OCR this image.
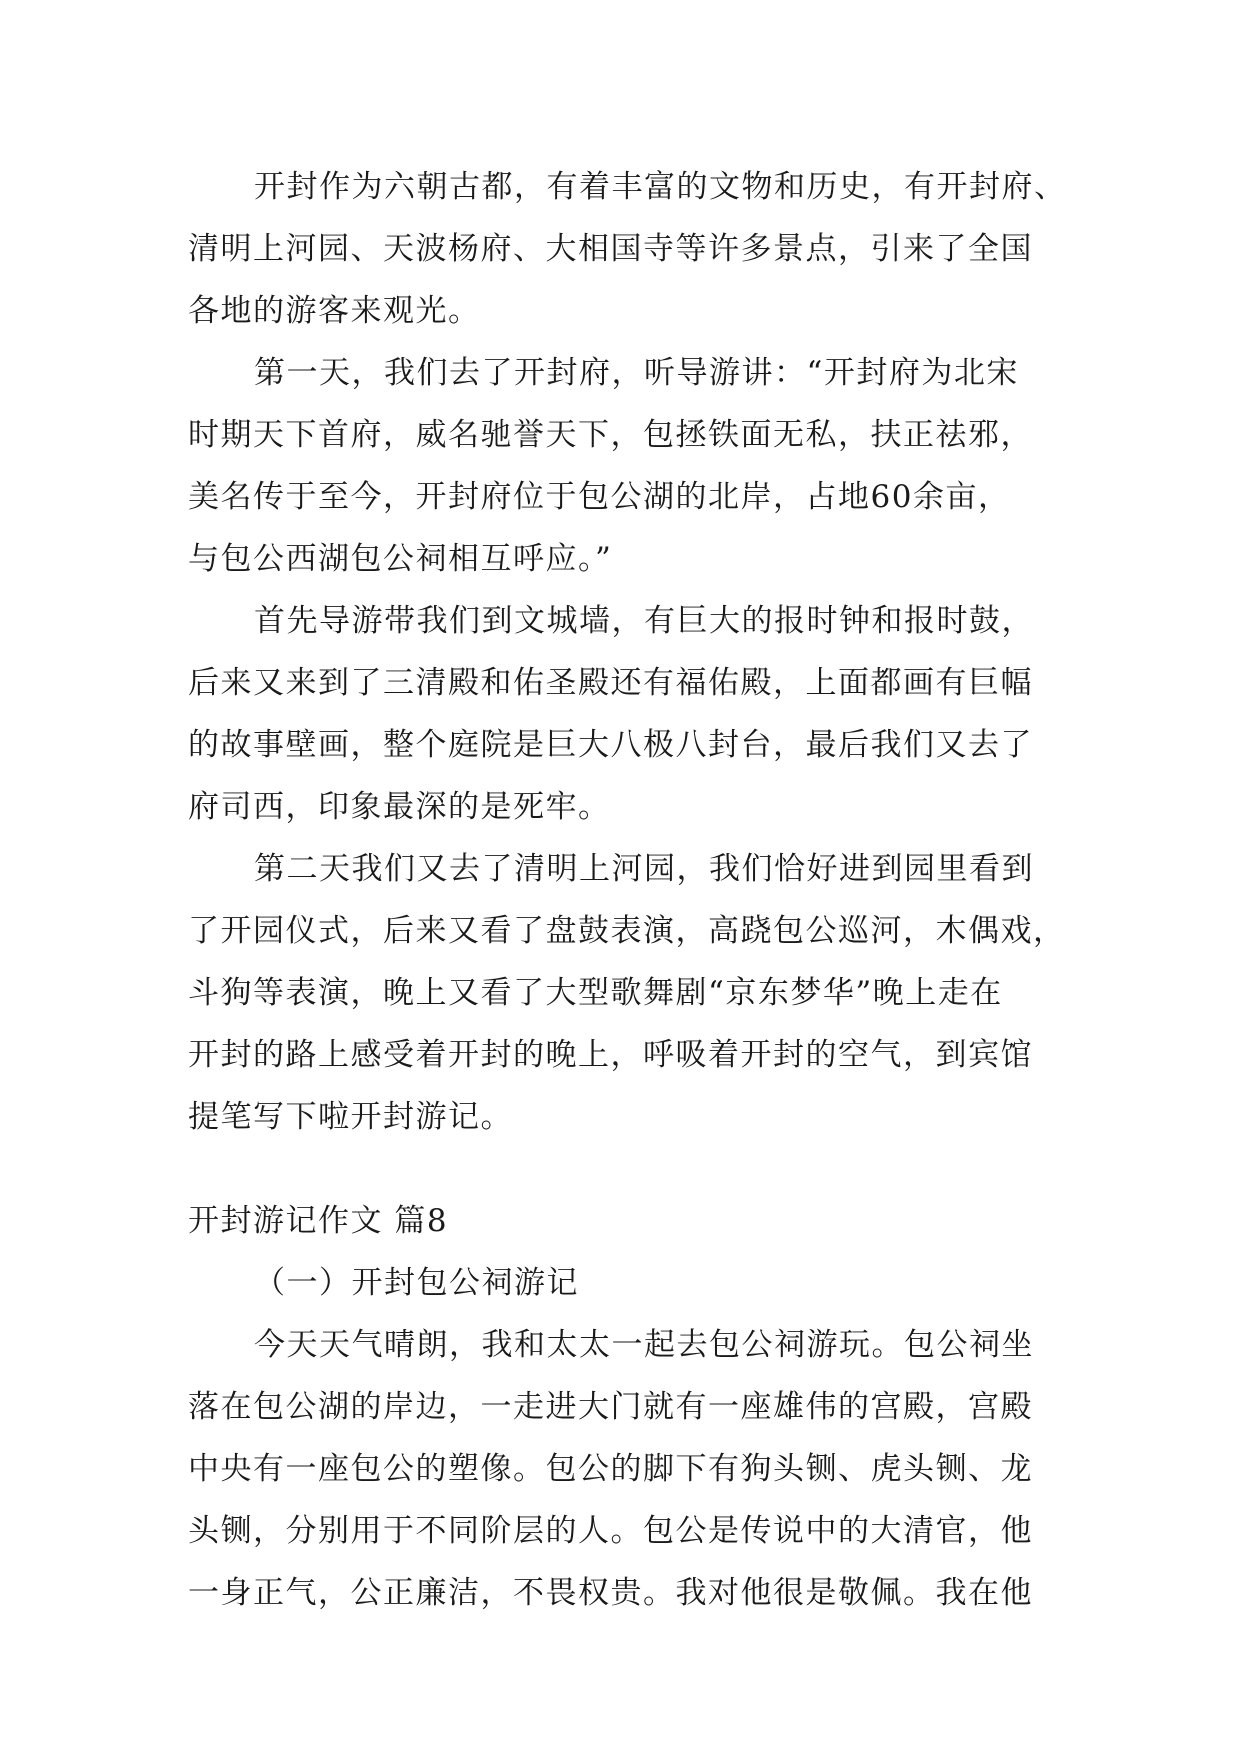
开封作为六朝古都，有着丰富的文物和历史，有开封府、
清明上河园、天波杨府、大相国寺等许多景点，引来了全国
各地的游客来观光。
第一天，我们去了开封府，听导游讲：“开封府为北宋
时期天下首府，威名驰誉天下，包拯铁面无私，扶正祛邪，
美名传于至今，开封府位于包公湖的北岸，占地60余亩，
与包公西湖包公祠相互呼应。”
首先导游带我们到文城墙，有巨大的报时钟和报时鼓，
后来又来到了三清殿和佑圣殿还有福佑殿，上面都画有巨幅
的故事壁画，整个庭院是巨大八极八封台，最后我们又去了
府司西，印象最深的是死牢。
第二天我们又去了清明上河园，我们恰好进到园里看到
了开园仪式，后来又看了盘鼓表演，高跷包公巡河，木偶戏，
斗狗等表演，晚上又看了大型歌舞剧“京东梦华”晚上走在
开封的路上感受着开封的晚上，呼吸着开封的空气，到宾馆
提笔写下啦开封游记。
开封游记作文 篇8
（一）开封包公祠游记
今天天气晴朗，我和太太一起去包公祠游玩。包公祠坐
落在包公湖的岸边，一走进大门就有一座雄伟的宫殿，宫殿
中央有一座包公的塑像。包公的脚下有狗头铡、虎头铡、龙
头铡，分别用于不同阶层的人。包公是传说中的大清官，他
一身正气，公正廉洁，不畏权贵。我对他很是敬佩。我在他
